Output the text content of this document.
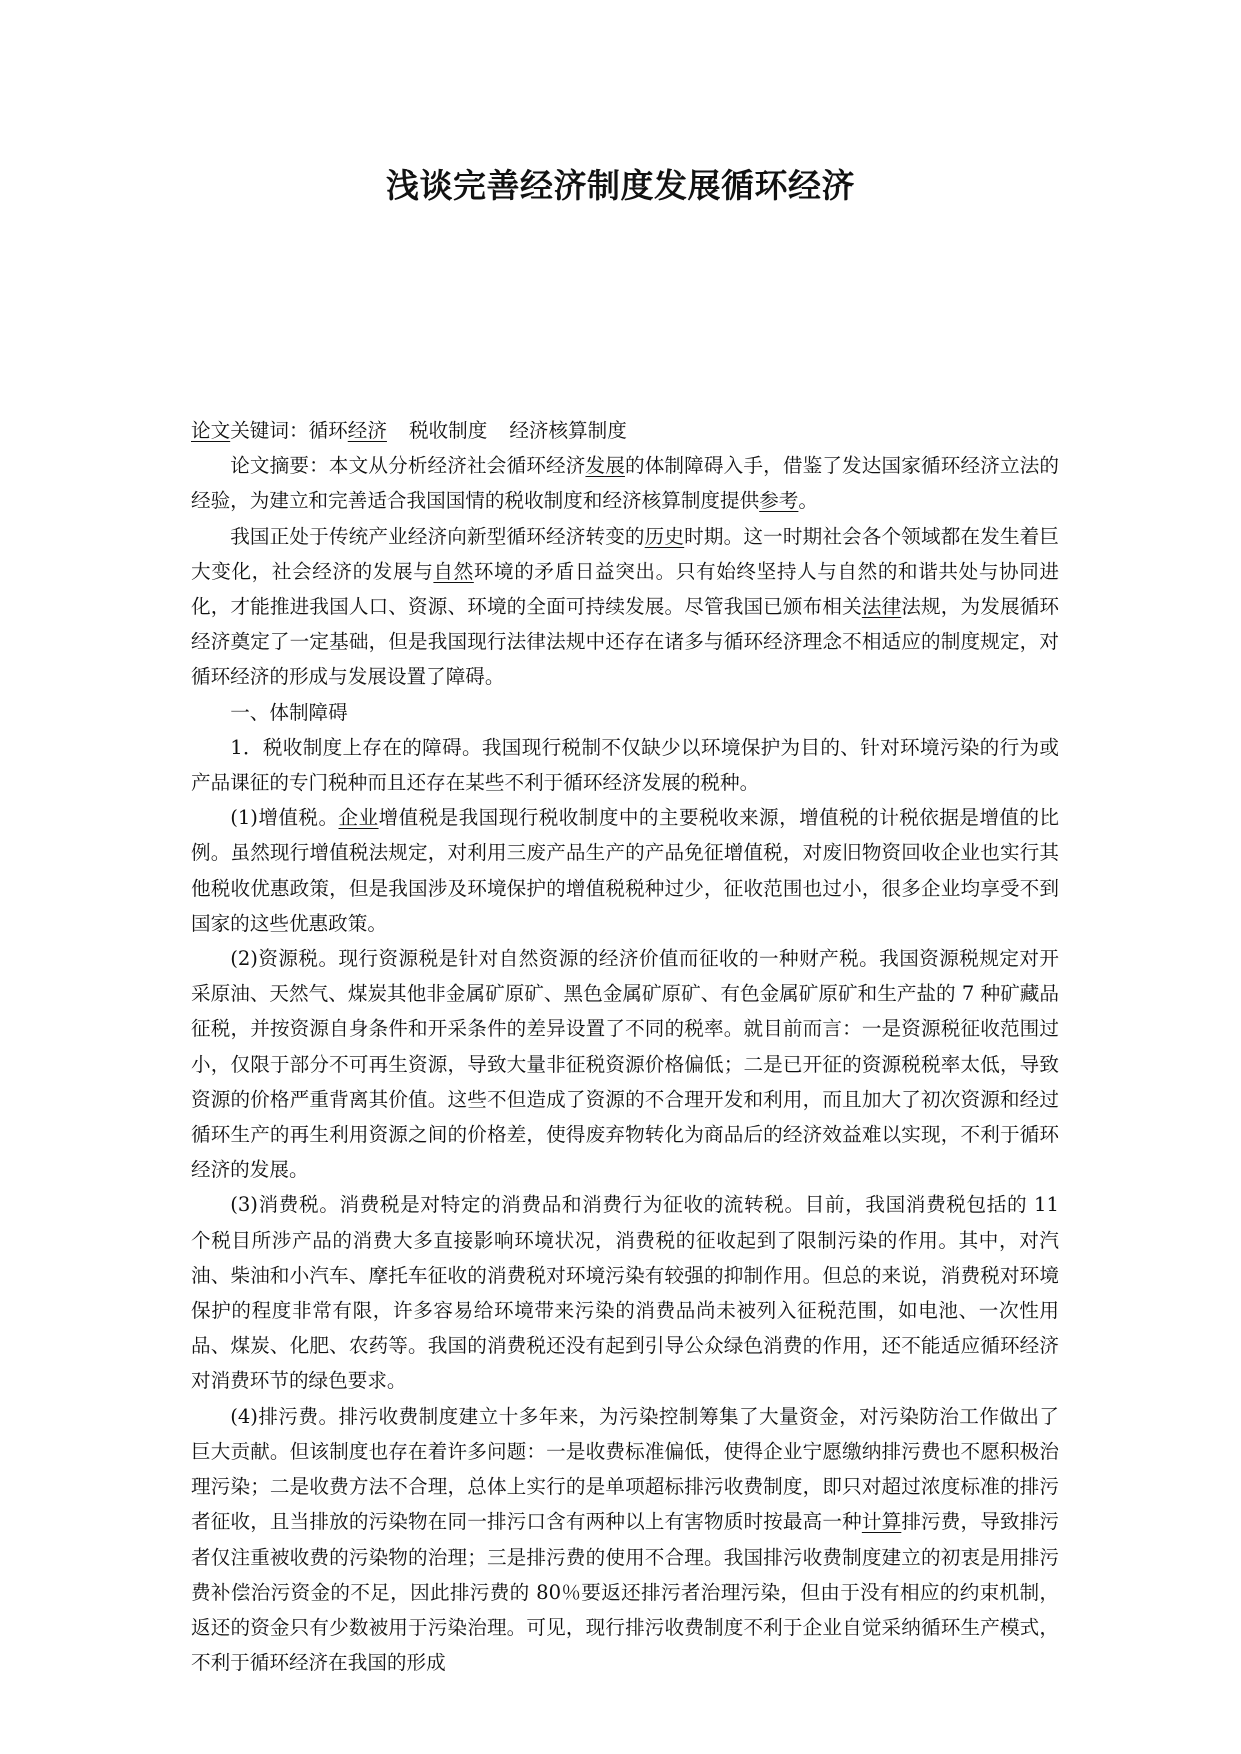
浅谈完善经济制度发展循环经济

论文关键词：循环经济 税收制度 经济核算制度

论文摘要：本文从分析经济社会循环经济发展的体制障碍入手，借鉴了发达国家循环经济立法的经验，为建立和完善适合我国国情的税收制度和经济核算制度提供参考。

我国正处于传统产业经济向新型循环经济转变的历史时期。这一时期社会各个领域都在发生着巨大变化，社会经济的发展与自然环境的矛盾日益突出。只有始终坚持人与自然的和谐共处与协同进化，才能推进我国人口、资源、环境的全面可持续发展。尽管我国已颁布相关法律法规，为发展循环经济奠定了一定基础，但是我国现行法律法规中还存在诸多与循环经济理念不相适应的制度规定，对循环经济的形成与发展设置了障碍。

一、体制障碍

1．税收制度上存在的障碍。我国现行税制不仅缺少以环境保护为目的、针对环境污染的行为或产品课征的专门税种而且还存在某些不利于循环经济发展的税种。

(1)增值税。企业增值税是我国现行税收制度中的主要税收来源，增值税的计税依据是增值的比例。虽然现行增值税法规定，对利用三废产品生产的产品免征增值税，对废旧物资回收企业也实行其他税收优惠政策，但是我国涉及环境保护的增值税税种过少，征收范围也过小，很多企业均享受不到国家的这些优惠政策。

(2)资源税。现行资源税是针对自然资源的经济价值而征收的一种财产税。我国资源税规定对开采原油、天然气、煤炭其他非金属矿原矿、黑色金属矿原矿、有色金属矿原矿和生产盐的 7 种矿藏品征税，并按资源自身条件和开采条件的差异设置了不同的税率。就目前而言：一是资源税征收范围过小，仅限于部分不可再生资源，导致大量非征税资源价格偏低；二是已开征的资源税税率太低，导致资源的价格严重背离其价值。这些不但造成了资源的不合理开发和利用，而且加大了初次资源和经过循环生产的再生利用资源之间的价格差，使得废弃物转化为商品后的经济效益难以实现，不利于循环经济的发展。

(3)消费税。消费税是对特定的消费品和消费行为征收的流转税。目前，我国消费税包括的 11 个税目所涉产品的消费大多直接影响环境状况，消费税的征收起到了限制污染的作用。其中，对汽油、柴油和小汽车、摩托车征收的消费税对环境污染有较强的抑制作用。但总的来说，消费税对环境保护的程度非常有限，许多容易给环境带来污染的消费品尚未被列入征税范围，如电池、一次性用品、煤炭、化肥、农药等。我国的消费税还没有起到引导公众绿色消费的作用，还不能适应循环经济对消费环节的绿色要求。

(4)排污费。排污收费制度建立十多年来，为污染控制筹集了大量资金，对污染防治工作做出了巨大贡献。但该制度也存在着许多问题：一是收费标准偏低，使得企业宁愿缴纳排污费也不愿积极治理污染；二是收费方法不合理，总体上实行的是单项超标排污收费制度，即只对超过浓度标准的排污者征收，且当排放的污染物在同一排污口含有两种以上有害物质时按最高一种计算排污费，导致排污者仅注重被收费的污染物的治理；三是排污费的使用不合理。我国排污收费制度建立的初衷是用排污费补偿治污资金的不足，因此排污费的 80％要返还排污者治理污染，但由于没有相应的约束机制，返还的资金只有少数被用于污染治理。可见，现行排污收费制度不利于企业自觉采纳循环生产模式，不利于循环经济在我国的形成
